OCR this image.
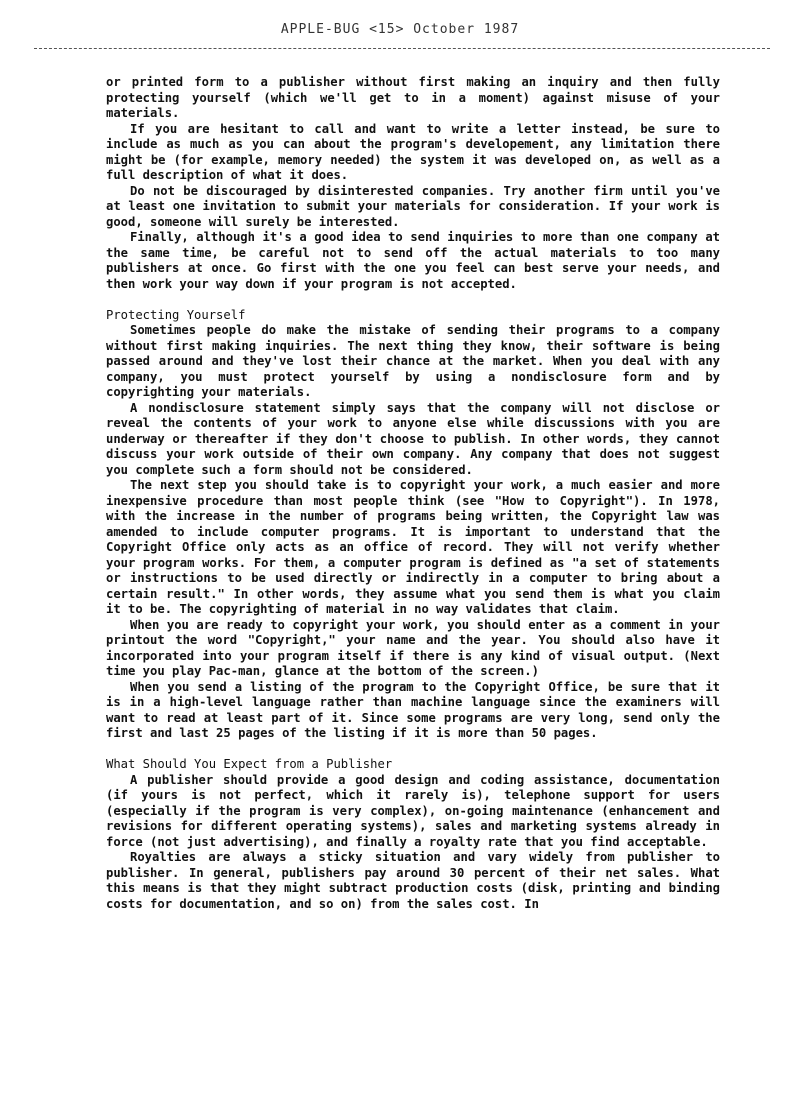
APPLE-BUG <15> October 1987

or printed form to a publisher without first making an inquiry and then fully protecting yourself (which we'll get to in a moment) against misuse of your materials.

If you are hesitant to call and want to write a letter instead, be sure to include as much as you can about the program's developement, any limitation there might be (for example, memory needed) the system it was developed on, as well as a full description of what it does.

Do not be discouraged by disinterested companies. Try another firm until you've at least one invitation to submit your materials for consideration. If your work is good, someone will surely be interested.

Finally, although it's a good idea to send inquiries to more than one company at the same time, be careful not to send off the actual materials to too many publishers at once. Go first with the one you feel can best serve your needs, and then work your way down if your program is not accepted.

Protecting Yourself

Sometimes people do make the mistake of sending their programs to a company without first making inquiries. The next thing they know, their software is being passed around and they've lost their chance at the market. When you deal with any company, you must protect yourself by using a nondisclosure form and by copyrighting your materials.

A nondisclosure statement simply says that the company will not disclose or reveal the contents of your work to anyone else while discussions with you are underway or thereafter if they don't choose to publish. In other words, they cannot discuss your work outside of their own company. Any company that does not suggest you complete such a form should not be considered.

The next step you should take is to copyright your work, a much easier and more inexpensive procedure than most people think (see "How to Copyright"). In 1978, with the increase in the number of programs being written, the Copyright law was amended to include computer programs. It is important to understand that the Copyright Office only acts as an office of record. They will not verify whether your program works. For them, a computer program is defined as "a set of statements or instructions to be used directly or indirectly in a computer to bring about a certain result." In other words, they assume what you send them is what you claim it to be. The copyrighting of material in no way validates that claim.

When you are ready to copyright your work, you should enter as a comment in your printout the word "Copyright," your name and the year. You should also have it incorporated into your program itself if there is any kind of visual output. (Next time you play Pac-man, glance at the bottom of the screen.)

When you send a listing of the program to the Copyright Office, be sure that it is in a high-level language rather than machine language since the examiners will want to read at least part of it. Since some programs are very long, send only the first and last 25 pages of the listing if it is more than 50 pages.

What Should You Expect from a Publisher

A publisher should provide a good design and coding assistance, documentation (if yours is not perfect, which it rarely is), telephone support for users (especially if the program is very complex), on-going maintenance (enhancement and revisions for different operating systems), sales and marketing systems already in force (not just advertising), and finally a royalty rate that you find acceptable.

Royalties are always a sticky situation and vary widely from publisher to publisher. In general, publishers pay around 30 percent of their net sales. What this means is that they might subtract production costs (disk, printing and binding costs for documentation, and so on) from the sales cost. In
